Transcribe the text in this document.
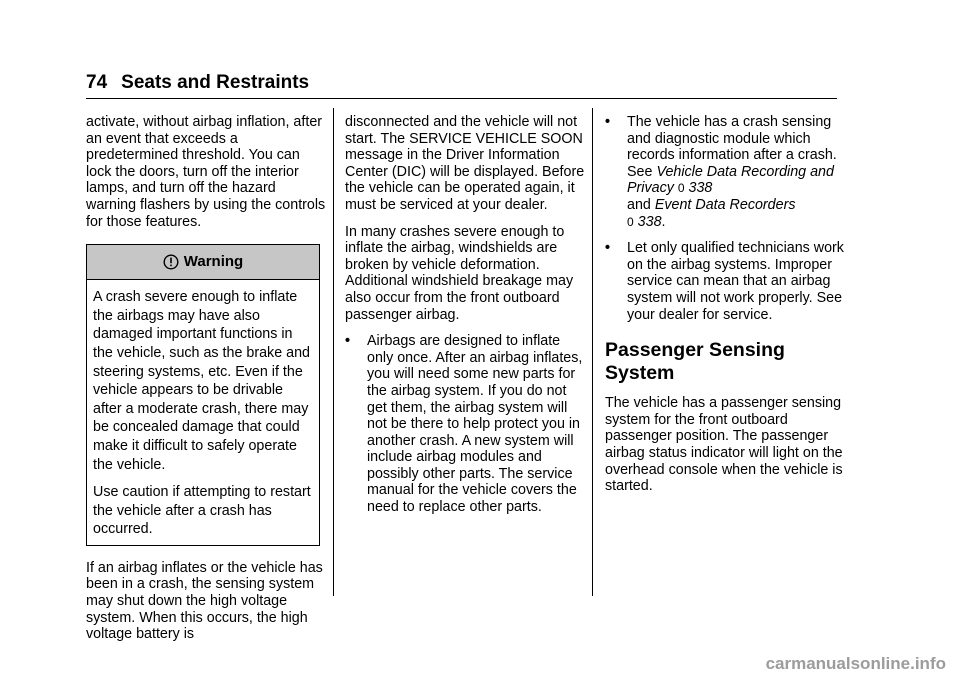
74 Seats and Restraints

activate, without airbag inflation, after an event that exceeds a predetermined threshold. You can lock the doors, turn off the interior lamps, and turn off the hazard warning flashers by using the controls for those features.

Warning

A crash severe enough to inflate the airbags may have also damaged important functions in the vehicle, such as the brake and steering systems, etc. Even if the vehicle appears to be drivable after a moderate crash, there may be concealed damage that could make it difficult to safely operate the vehicle.

Use caution if attempting to restart the vehicle after a crash has occurred.

If an airbag inflates or the vehicle has been in a crash, the sensing system may shut down the high voltage system. When this occurs, the high voltage battery is

disconnected and the vehicle will not start. The SERVICE VEHICLE SOON message in the Driver Information Center (DIC) will be displayed. Before the vehicle can be operated again, it must be serviced at your dealer.

In many crashes severe enough to inflate the airbag, windshields are broken by vehicle deformation. Additional windshield breakage may also occur from the front outboard passenger airbag.

•	Airbags are designed to inflate only once. After an airbag inflates, you will need some new parts for the airbag system. If you do not get them, the airbag system will not be there to help protect you in another crash. A new system will include airbag modules and possibly other parts. The service manual for the vehicle covers the need to replace other parts.
•	The vehicle has a crash sensing and diagnostic module which records information after a crash. See Vehicle Data Recording and Privacy 0 338
and Event Data Recorders
0 338.
•	Let only qualified technicians work on the airbag systems. Improper service can mean that an airbag system will not work properly. See your dealer for service.
Passenger Sensing System

The vehicle has a passenger sensing system for the front outboard passenger position. The passenger airbag status indicator will light on the overhead console when the vehicle is started.

carmanualsonline.info
